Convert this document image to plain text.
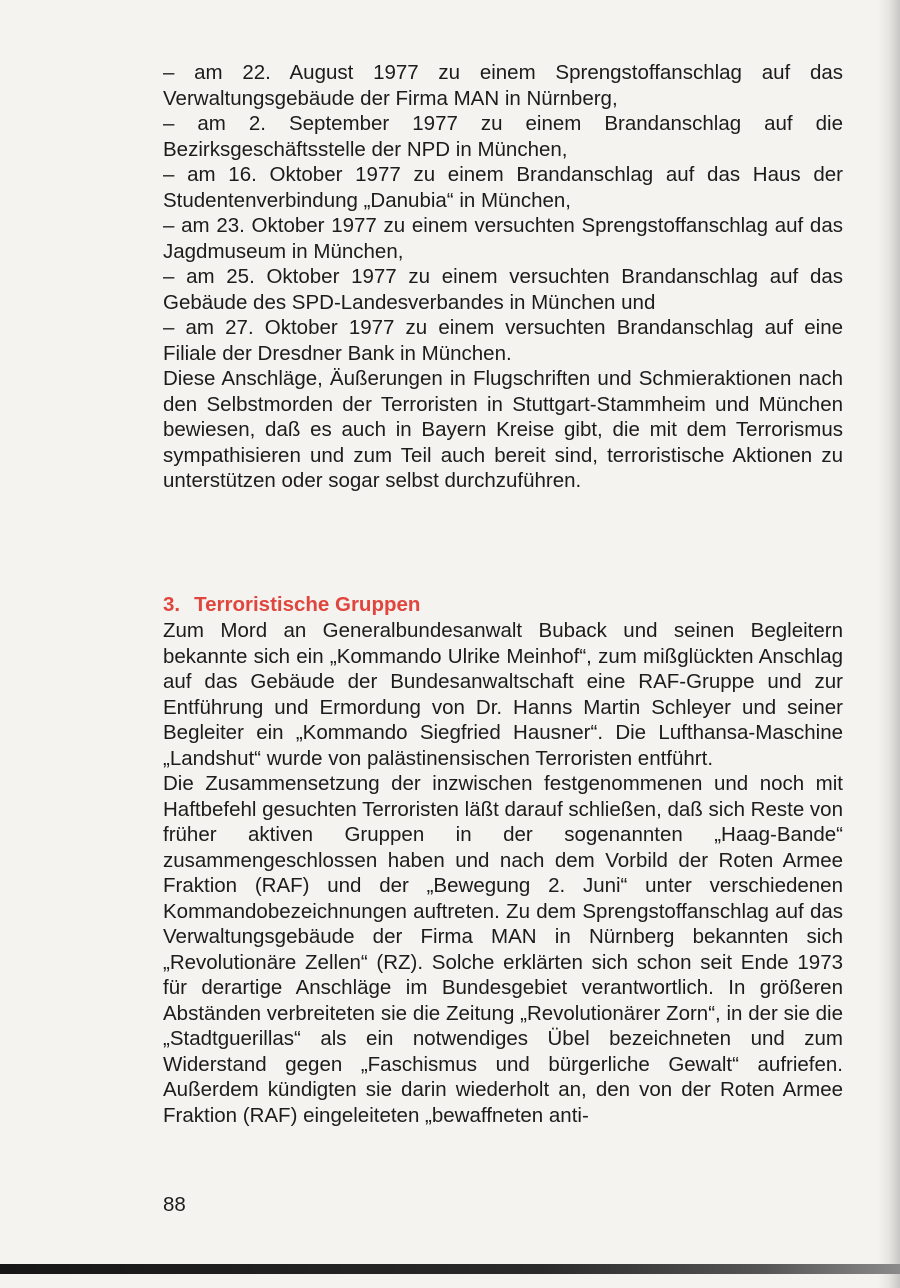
– am 22. August 1977 zu einem Sprengstoffanschlag auf das Verwaltungsgebäude der Firma MAN in Nürnberg,

– am 2. September 1977 zu einem Brandanschlag auf die Bezirksgeschäftsstelle der NPD in München,

– am 16. Oktober 1977 zu einem Brandanschlag auf das Haus der Studentenverbindung „Danubia“ in München,

– am 23. Oktober 1977 zu einem versuchten Sprengstoffanschlag auf das Jagdmuseum in München,

– am 25. Oktober 1977 zu einem versuchten Brandanschlag auf das Gebäude des SPD-Landesverbandes in München und

– am 27. Oktober 1977 zu einem versuchten Brandanschlag auf eine Filiale der Dresdner Bank in München.

Diese Anschläge, Äußerungen in Flugschriften und Schmieraktionen nach den Selbstmorden der Terroristen in Stuttgart-Stammheim und München bewiesen, daß es auch in Bayern Kreise gibt, die mit dem Terrorismus sympathisieren und zum Teil auch bereit sind, terroristische Aktionen zu unterstützen oder sogar selbst durchzuführen.

3. Terroristische Gruppen

Zum Mord an Generalbundesanwalt Buback und seinen Begleitern bekannte sich ein „Kommando Ulrike Meinhof“, zum mißglückten Anschlag auf das Gebäude der Bundesanwaltschaft eine RAF-Gruppe und zur Entführung und Ermordung von Dr. Hanns Martin Schleyer und seiner Begleiter ein „Kommando Siegfried Hausner“. Die Lufthansa-Maschine „Landshut“ wurde von palästinensischen Terroristen entführt.

Die Zusammensetzung der inzwischen festgenommenen und noch mit Haftbefehl gesuchten Terroristen läßt darauf schließen, daß sich Reste von früher aktiven Gruppen in der sogenannten „Haag-Bande“ zusammengeschlossen haben und nach dem Vorbild der Roten Armee Fraktion (RAF) und der „Bewegung 2. Juni“ unter verschiedenen Kommandobezeichnungen auftreten. Zu dem Sprengstoffanschlag auf das Verwaltungsgebäude der Firma MAN in Nürnberg bekannten sich „Revolutionäre Zellen“ (RZ). Solche erklärten sich schon seit Ende 1973 für derartige Anschläge im Bundesgebiet verantwortlich. In größeren Abständen verbreiteten sie die Zeitung „Revolutionärer Zorn“, in der sie die „Stadtguerillas“ als ein notwendiges Übel bezeichneten und zum Widerstand gegen „Faschismus und bürgerliche Gewalt“ aufriefen. Außerdem kündigten sie darin wiederholt an, den von der Roten Armee Fraktion (RAF) eingeleiteten „bewaffneten anti-

88
